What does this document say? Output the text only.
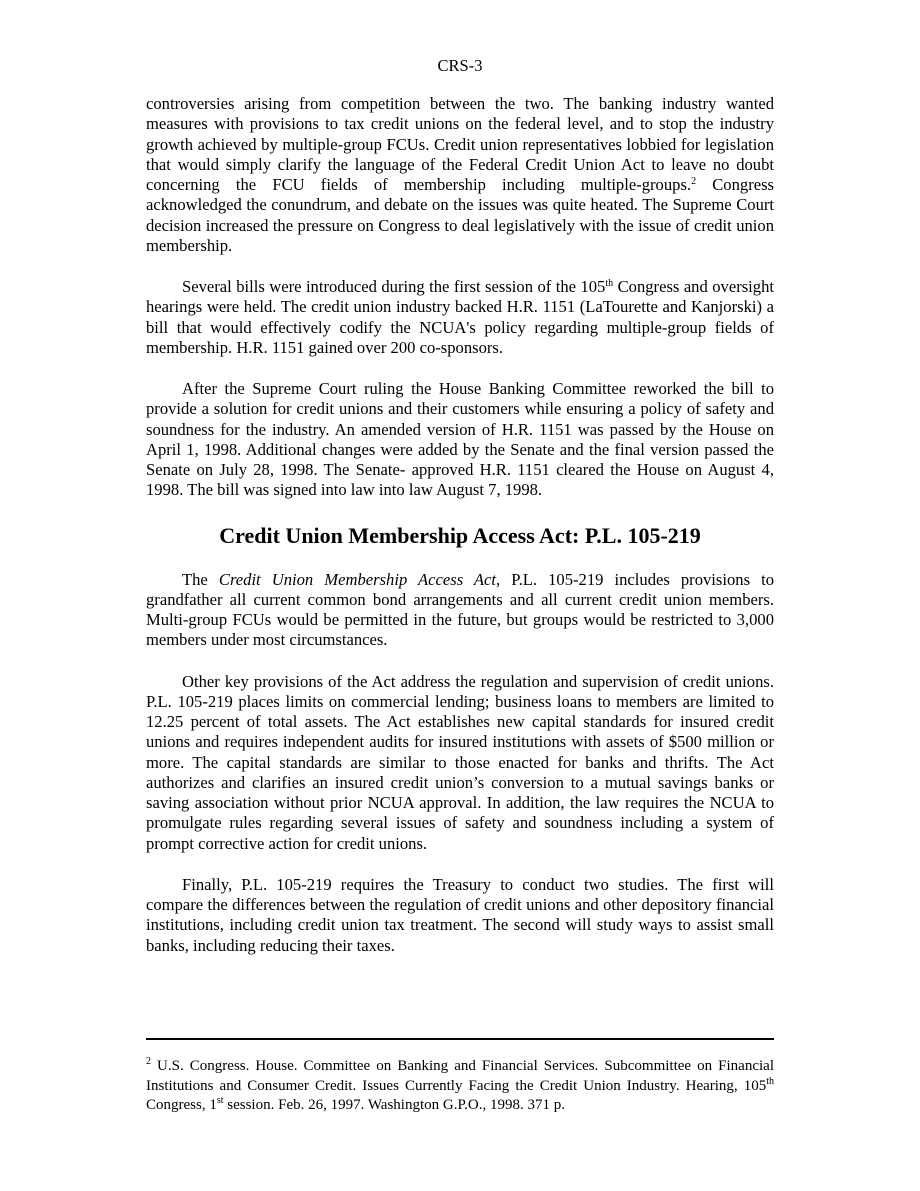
CRS-3

controversies arising from competition between the two. The banking industry wanted measures with provisions to tax credit unions on the federal level, and to stop the industry growth achieved by multiple-group FCUs. Credit union representatives lobbied for legislation that would simply clarify the language of the Federal Credit Union Act to leave no doubt concerning the FCU fields of membership including multiple-groups.$^2$ Congress acknowledged the conundrum, and debate on the issues was quite heated. The Supreme Court decision increased the pressure on Congress to deal legislatively with the issue of credit union membership.

Several bills were introduced during the first session of the 105th Congress and oversight hearings were held. The credit union industry backed H.R. 1151 (LaTourette and Kanjorski) a bill that would effectively codify the NCUA's policy regarding multiple-group fields of membership. H.R. 1151 gained over 200 co-sponsors.

After the Supreme Court ruling the House Banking Committee reworked the bill to provide a solution for credit unions and their customers while ensuring a policy of safety and soundness for the industry. An amended version of H.R. 1151 was passed by the House on April 1, 1998. Additional changes were added by the Senate and the final version passed the Senate on July 28, 1998. The Senate- approved H.R. 1151 cleared the House on August 4, 1998. The bill was signed into law into law August 7, 1998.

Credit Union Membership Access Act: P.L. 105-219

The Credit Union Membership Access Act, P.L. 105-219 includes provisions to grandfather all current common bond arrangements and all current credit union members. Multi-group FCUs would be permitted in the future, but groups would be restricted to 3,000 members under most circumstances.

Other key provisions of the Act address the regulation and supervision of credit unions. P.L. 105-219 places limits on commercial lending; business loans to members are limited to 12.25 percent of total assets. The Act establishes new capital standards for insured credit unions and requires independent audits for insured institutions with assets of $500 million or more. The capital standards are similar to those enacted for banks and thrifts. The Act authorizes and clarifies an insured credit union’s conversion to a mutual savings banks or saving association without prior NCUA approval. In addition, the law requires the NCUA to promulgate rules regarding several issues of safety and soundness including a system of prompt corrective action for credit unions.

Finally, P.L. 105-219 requires the Treasury to conduct two studies. The first will compare the differences between the regulation of credit unions and other depository financial institutions, including credit union tax treatment. The second will study ways to assist small banks, including reducing their taxes.

$^2$ U.S. Congress. House. Committee on Banking and Financial Services. Subcommittee on Financial Institutions and Consumer Credit. Issues Currently Facing the Credit Union Industry. Hearing, 105th Congress, 1st session. Feb. 26, 1997. Washington G.P.O., 1998. 371 p.
